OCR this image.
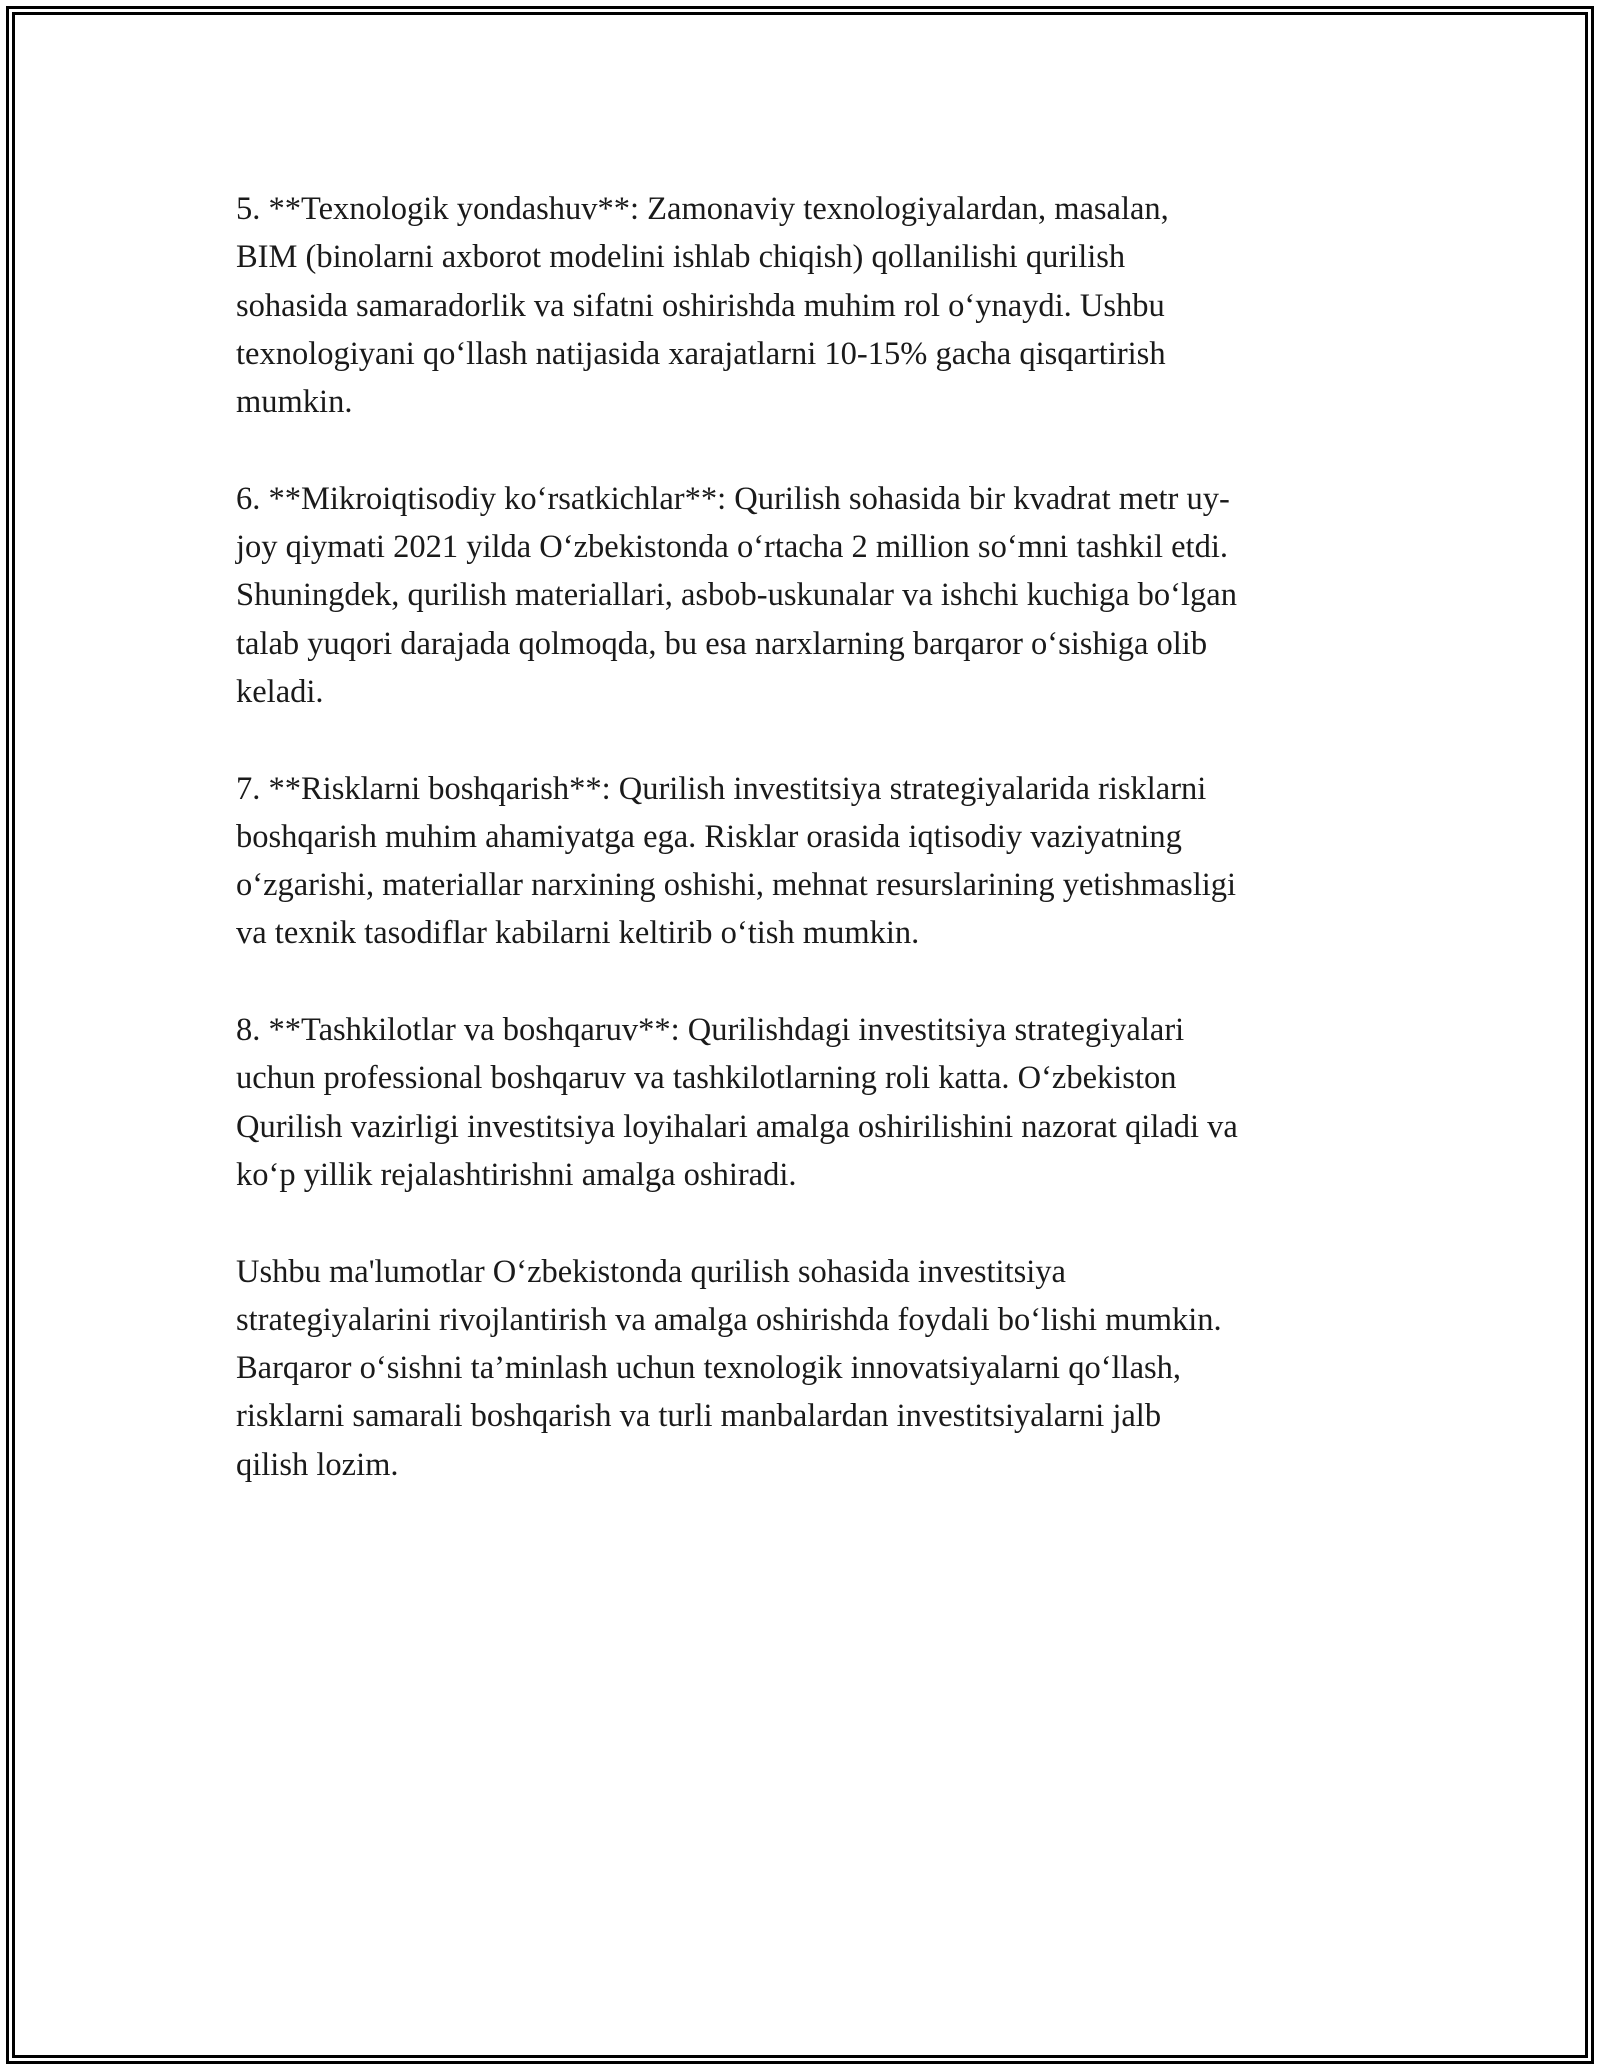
5. **Texnologik yondashuv**: Zamonaviy texnologiyalardan, masalan,

BIM (binolarni axborot modelini ishlab chiqish) qollanilishi qurilish

sohasida samaradorlik va sifatni oshirishda muhim rol o‘ynaydi. Ushbu

texnologiyani qo‘llash natijasida xarajatlarni 10-15% gacha qisqartirish

mumkin.

6. **Mikroiqtisodiy ko‘rsatkichlar**: Qurilish sohasida bir kvadrat metr uy-

joy qiymati 2021 yilda O‘zbekistonda o‘rtacha 2 million so‘mni tashkil etdi.

Shuningdek, qurilish materiallari, asbob-uskunalar va ishchi kuchiga bo‘lgan

talab yuqori darajada qolmoqda, bu esa narxlarning barqaror o‘sishiga olib

keladi.

7. **Risklarni boshqarish**: Qurilish investitsiya strategiyalarida risklarni

boshqarish muhim ahamiyatga ega. Risklar orasida iqtisodiy vaziyatning

o‘zgarishi, materiallar narxining oshishi, mehnat resurslarining yetishmasligi

va texnik tasodiflar kabilarni keltirib o‘tish mumkin.

8. **Tashkilotlar va boshqaruv**: Qurilishdagi investitsiya strategiyalari

uchun professional boshqaruv va tashkilotlarning roli katta. O‘zbekiston

Qurilish vazirligi investitsiya loyihalari amalga oshirilishini nazorat qiladi va

ko‘p yillik rejalashtirishni amalga oshiradi.

Ushbu ma'lumotlar O‘zbekistonda qurilish sohasida investitsiya

strategiyalarini rivojlantirish va amalga oshirishda foydali bo‘lishi mumkin.

Barqaror o‘sishni ta’minlash uchun texnologik innovatsiyalarni qo‘llash,

risklarni samarali boshqarish va turli manbalardan investitsiyalarni jalb

qilish lozim.
